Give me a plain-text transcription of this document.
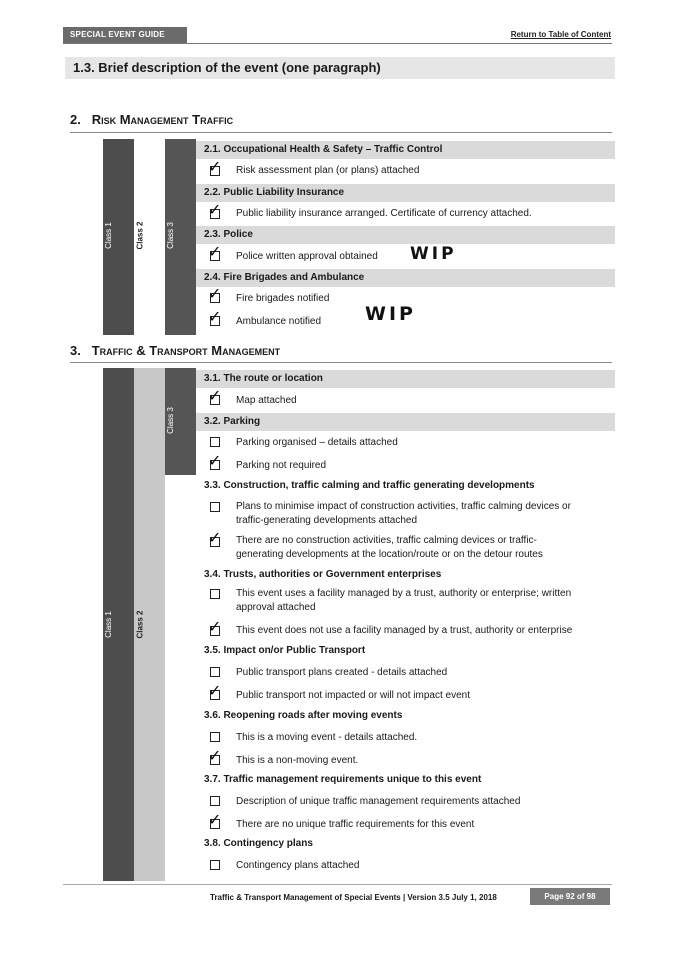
SPECIAL EVENT GUIDE	Return to Table of Content
1.3. Brief description of the event (one paragraph)
2. Risk Management Traffic
Class 1	Class 2	Class 3
2.1. Occupational Health & Safety – Traffic Control
✓ Risk assessment plan (or plans) attached
2.2. Public Liability Insurance
✓ Public liability insurance arranged. Certificate of currency attached.
2.3. Police
✓ Police written approval obtained WIP
2.4. Fire Brigades and Ambulance
✓ Fire brigades notified
✓ Ambulance notified WIP
3. Traffic & Transport Management
Class 1	Class 2
Class 3
3.1. The route or location
✓ Map attached
3.2. Parking
Parking organised – details attached
✓ Parking not required
3.3. Construction, traffic calming and traffic generating developments
Plans to minimise impact of construction activities, traffic calming devices or
traffic-generating developments attached
✓ There are no construction activities, traffic calming devices or traffic-
generating developments at the location/route or on the detour routes
3.4. Trusts, authorities or Government enterprises
This event uses a facility managed by a trust, authority or enterprise; written
approval attached
✓ This event does not use a facility managed by a trust, authority or enterprise
3.5. Impact on/or Public Transport
Public transport plans created - details attached
✓ Public transport not impacted or will not impact event
3.6. Reopening roads after moving events
This is a moving event - details attached.
✓ This is a non-moving event.
3.7. Traffic management requirements unique to this event
Description of unique traffic management requirements attached
✓ There are no unique traffic requirements for this event
3.8. Contingency plans
Contingency plans attached
Traffic & Transport Management of Special Events | Version 3.5 July 1, 2018	Page 92 of 98
